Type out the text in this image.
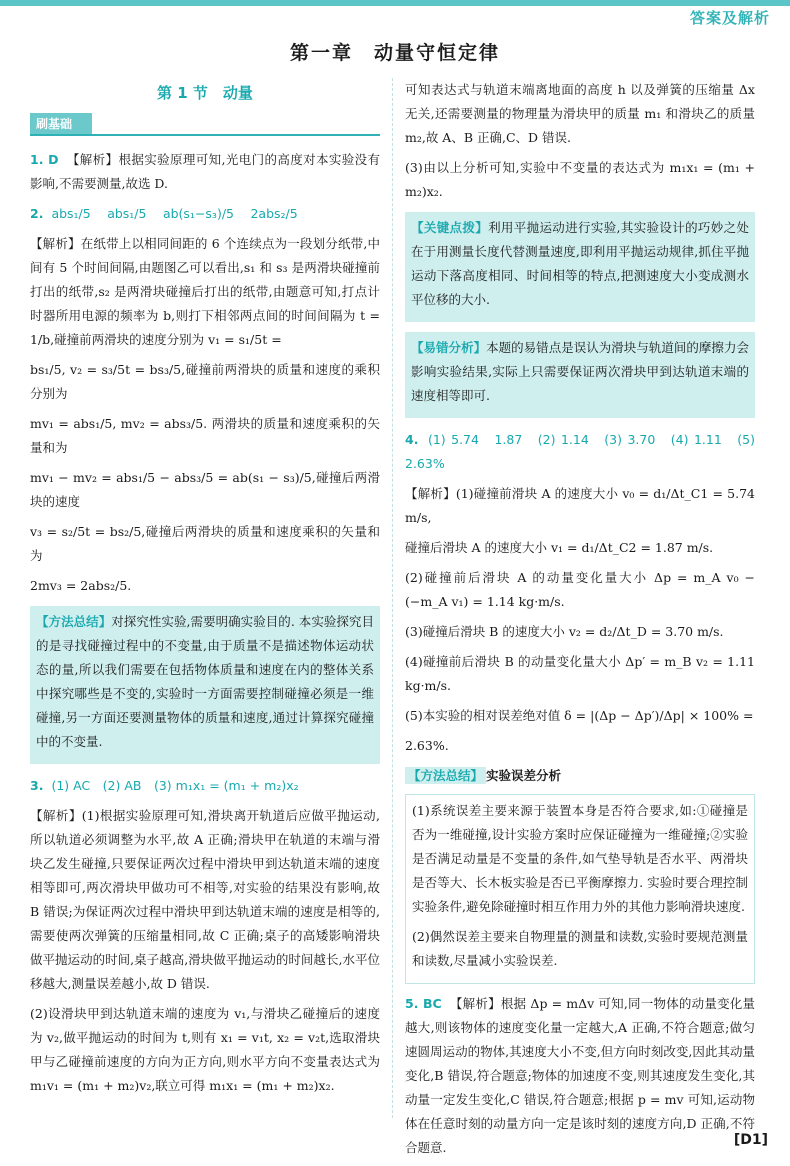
答案及解析
第一章　动量守恒定律
第 1 节　动量
刷基础

1. D 【解析】根据实验原理可知,光电门的高度对本实验没有影响,不需要测量,故选 D.

2. abs₁/5　 abs₁/5　 ab(s₁−s₃)/5　 2abs₂/5

【解析】在纸带上以相同间距的 6 个连续点为一段划分纸带,中间有 5 个时间间隔,由题图乙可以看出,s₁ 和 s₃ 是两滑块碰撞前打出的纸带,s₂ 是两滑块碰撞后打出的纸带,由题意可知,打点计时器所用电源的频率为 b,则打下相邻两点间的时间间隔为 t = 1/b,碰撞前两滑块的速度分别为 v₁ = s₁/5t =

bs₁/5, v₂ = s₃/5t = bs₃/5,碰撞前两滑块的质量和速度的乘积分别为

mv₁ = abs₁/5, mv₂ = abs₃/5. 两滑块的质量和速度乘积的矢量和为

mv₁ − mv₂ = abs₁/5 − abs₃/5 = ab(s₁ − s₃)/5,碰撞后两滑块的速度

v₃ = s₂/5t = bs₂/5,碰撞后两滑块的质量和速度乘积的矢量和为

2mv₃ = 2abs₂/5.

【方法总结】对探究性实验,需要明确实验目的. 本实验探究目的是寻找碰撞过程中的不变量,由于质量不是描述物体运动状态的量,所以我们需要在包括物体质量和速度在内的整体关系中探究哪些是不变的,实验时一方面需要控制碰撞必须是一维碰撞,另一方面还要测量物体的质量和速度,通过计算探究碰撞中的不变量.

3. (1) AC　(2) AB　(3) m₁x₁ = (m₁ + m₂)x₂

【解析】(1)根据实验原理可知,滑块离开轨道后应做平抛运动,所以轨道必须调整为水平,故 A 正确;滑块甲在轨道的末端与滑块乙发生碰撞,只要保证两次过程中滑块甲到达轨道末端的速度相等即可,两次滑块甲做功可不相等,对实验的结果没有影响,故 B 错误;为保证两次过程中滑块甲到达轨道末端的速度是相等的,需要使两次弹簧的压缩量相同,故 C 正确;桌子的高矮影响滑块做平抛运动的时间,桌子越高,滑块做平抛运动的时间越长,水平位移越大,测量误差越小,故 D 错误.

(2)设滑块甲到达轨道末端的速度为 v₁,与滑块乙碰撞后的速度为 v₂,做平抛运动的时间为 t,则有 x₁ = v₁t, x₂ = v₂t,选取滑块甲与乙碰撞前速度的方向为正方向,则水平方向不变量表达式为 m₁v₁ = (m₁ + m₂)v₂,联立可得 m₁x₁ = (m₁ + m₂)x₂.

可知表达式与轨道末端离地面的高度 h 以及弹簧的压缩量 Δx 无关,还需要测量的物理量为滑块甲的质量 m₁ 和滑块乙的质量 m₂,故 A、B 正确,C、D 错误.

(3)由以上分析可知,实验中不变量的表达式为 m₁x₁ = (m₁ + m₂)x₂.

【关键点拨】利用平抛运动进行实验,其实验设计的巧妙之处在于用测量长度代替测量速度,即利用平抛运动规律,抓住平抛运动下落高度相同、时间相等的特点,把测速度大小变成测水平位移的大小.

【易错分析】本题的易错点是误认为滑块与轨道间的摩擦力会影响实验结果,实际上只需要保证两次滑块甲到达轨道末端的速度相等即可.

4. (1) 5.74　1.87　(2) 1.14　(3) 3.70　(4) 1.11　(5) 2.63%

【解析】(1)碰撞前滑块 A 的速度大小 v₀ = d₁/Δt_C1 = 5.74 m/s,

碰撞后滑块 A 的速度大小 v₁ = d₁/Δt_C2 = 1.87 m/s.

(2)碰撞前后滑块 A 的动量变化量大小 Δp = m_A v₀ − (−m_A v₁) = 1.14 kg·m/s.

(3)碰撞后滑块 B 的速度大小 v₂ = d₂/Δt_D = 3.70 m/s.

(4)碰撞前后滑块 B 的动量变化量大小 Δp′ = m_B v₂ = 1.11 kg·m/s.

(5)本实验的相对误差绝对值 δ = |(Δp − Δp′)/Δp| × 100% =

2.63%.

【方法总结】 实验误差分析

(1)系统误差主要来源于装置本身是否符合要求,如:①碰撞是否为一维碰撞,设计实验方案时应保证碰撞为一维碰撞;②实验是否满足动量是不变量的条件,如气垫导轨是否水平、两滑块是否等大、长木板实验是否已平衡摩擦力. 实验时要合理控制实验条件,避免除碰撞时相互作用力外的其他力影响滑块速度.

(2)偶然误差主要来自物理量的测量和读数,实验时要规范测量和读数,尽量减小实验误差.

5. BC 【解析】根据 Δp = mΔv 可知,同一物体的动量变化量越大,则该物体的速度变化量一定越大,A 正确,不符合题意;做匀速圆周运动的物体,其速度大小不变,但方向时刻改变,因此其动量变化,B 错误,符合题意;物体的加速度不变,则其速度发生变化,其动量一定发生变化,C 错误,符合题意;根据 p = mv 可知,运动物体在任意时刻的动量方向一定是该时刻的速度方向,D 正确,不符合题意.	[D1]
